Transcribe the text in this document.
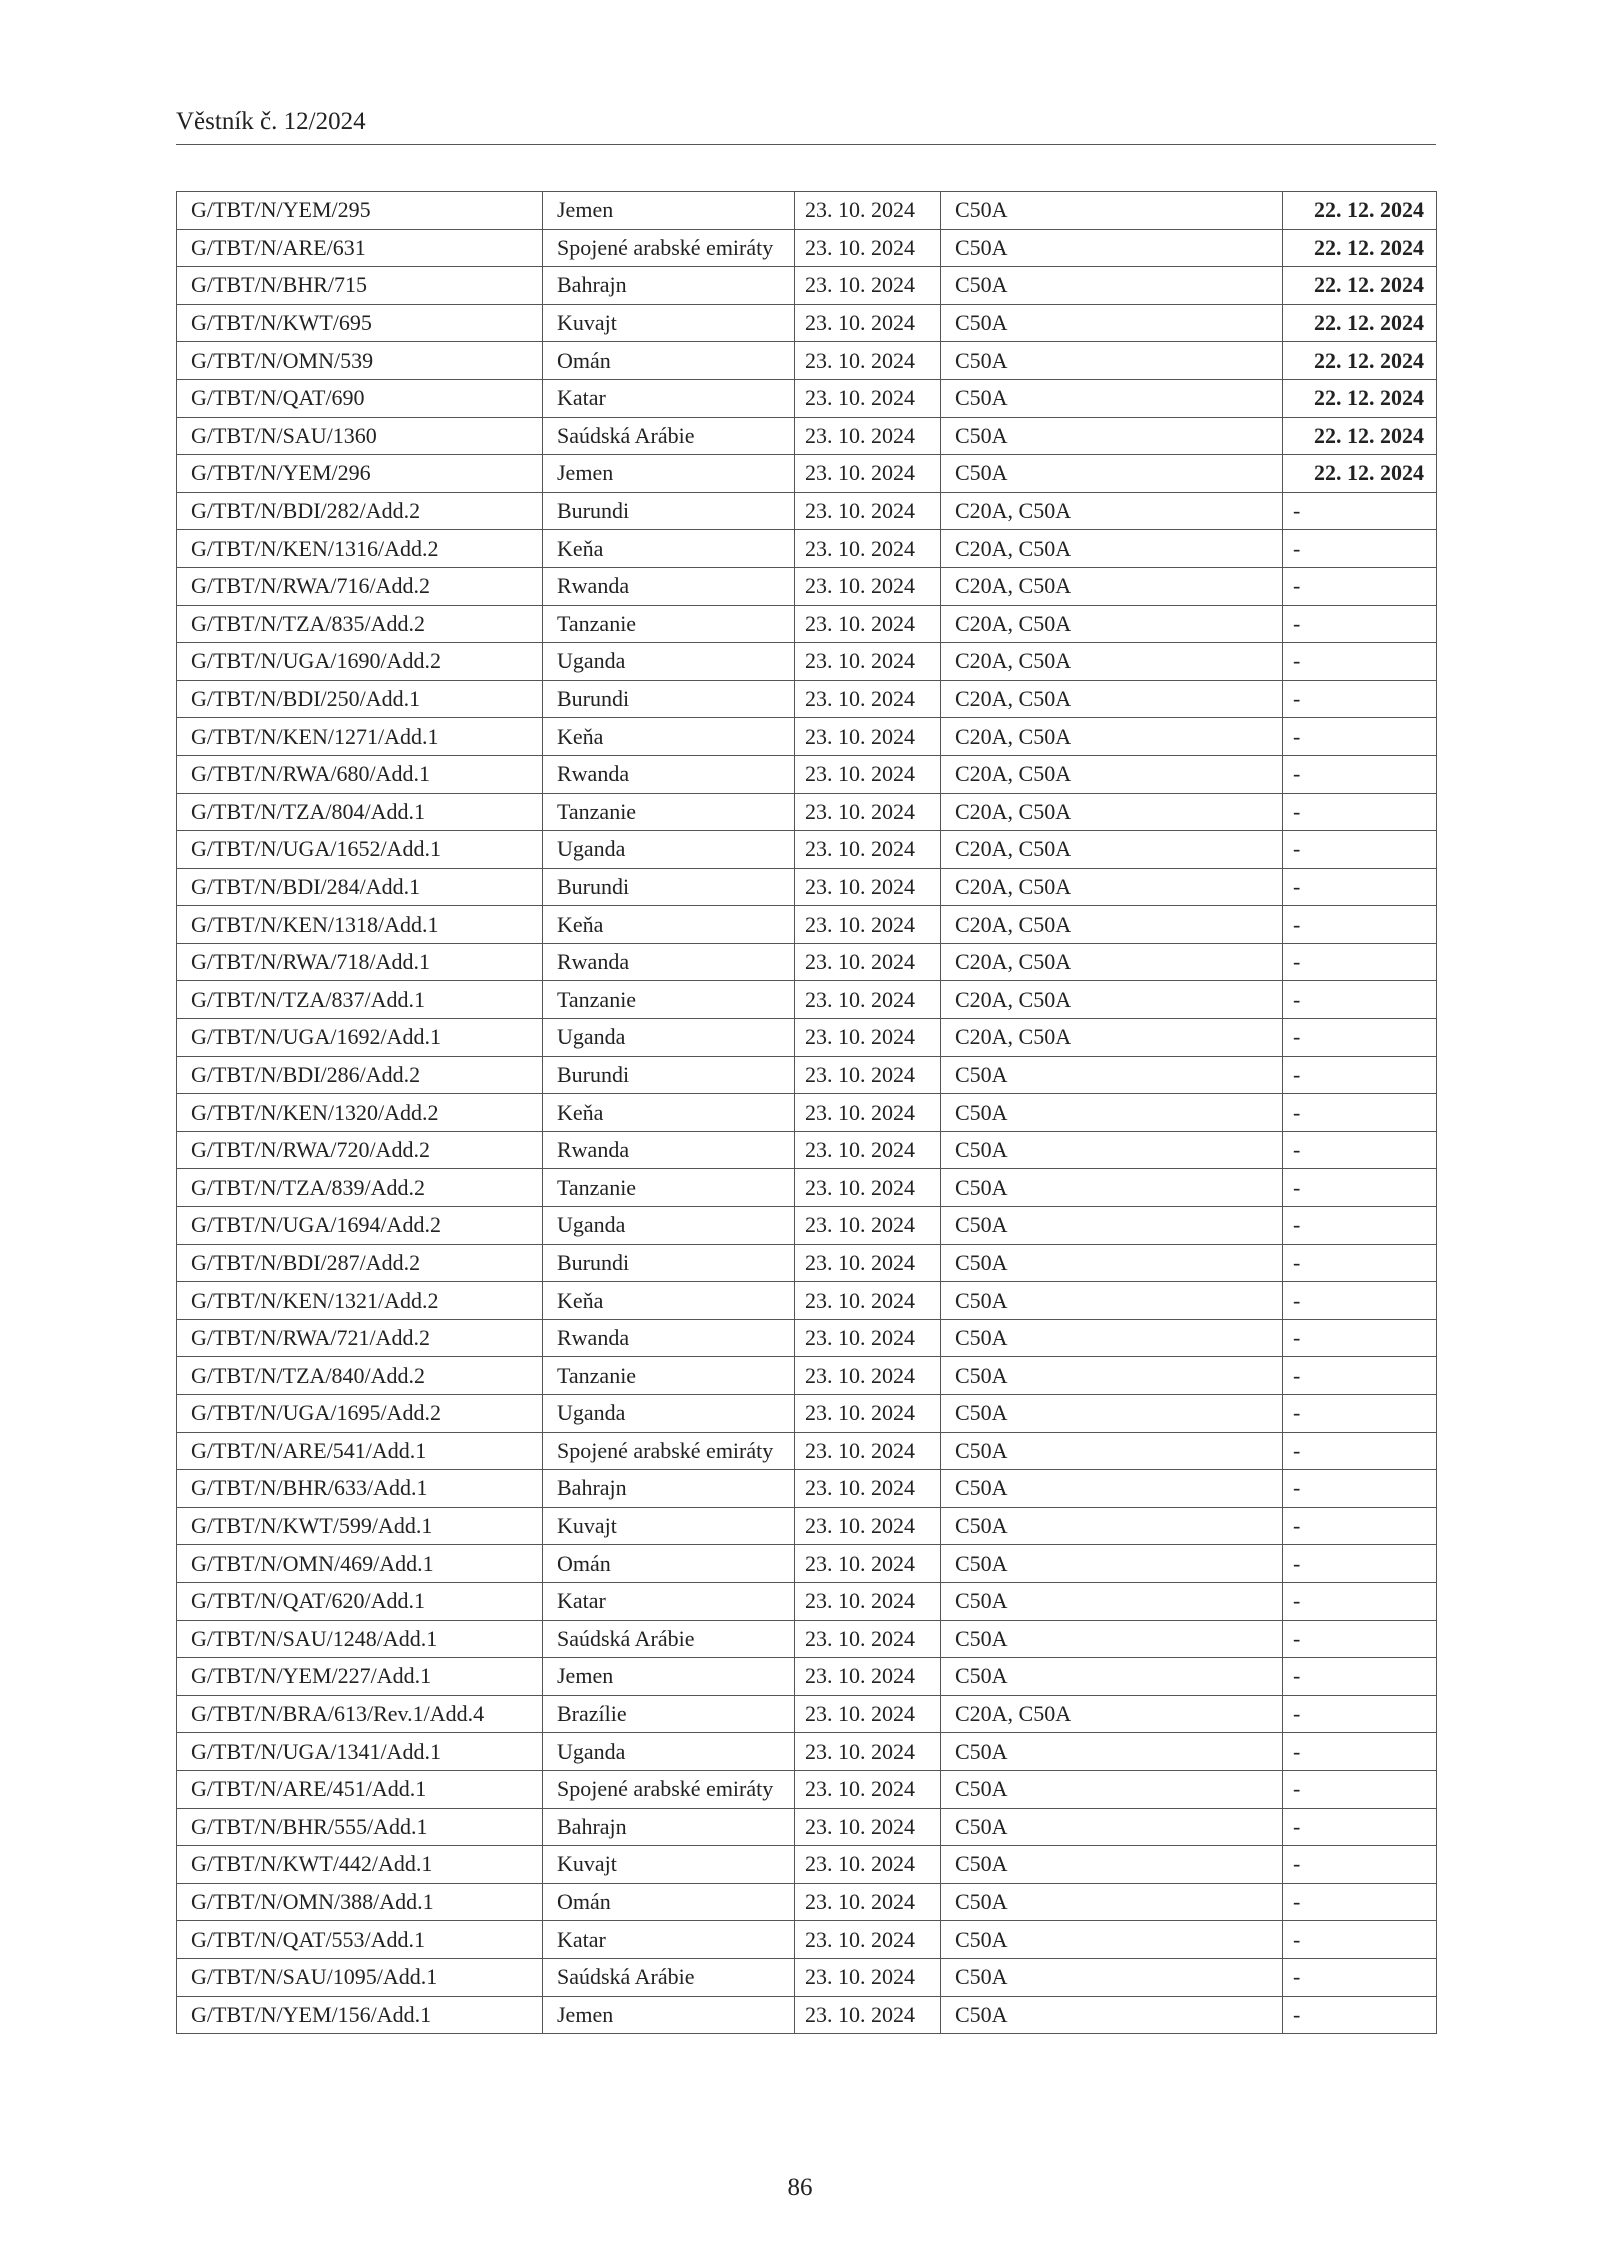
Věstník č. 12/2024
G/TBT/N/YEM/295	Jemen	23. 10. 2024	C50A	22. 12. 2024
G/TBT/N/ARE/631	Spojené arabské emiráty	23. 10. 2024	C50A	22. 12. 2024
G/TBT/N/BHR/715	Bahrajn	23. 10. 2024	C50A	22. 12. 2024
G/TBT/N/KWT/695	Kuvajt	23. 10. 2024	C50A	22. 12. 2024
G/TBT/N/OMN/539	Omán	23. 10. 2024	C50A	22. 12. 2024
G/TBT/N/QAT/690	Katar	23. 10. 2024	C50A	22. 12. 2024
G/TBT/N/SAU/1360	Saúdská Arábie	23. 10. 2024	C50A	22. 12. 2024
G/TBT/N/YEM/296	Jemen	23. 10. 2024	C50A	22. 12. 2024
G/TBT/N/BDI/282/Add.2	Burundi	23. 10. 2024	C20A, C50A	-
G/TBT/N/KEN/1316/Add.2	Keňa	23. 10. 2024	C20A, C50A	-
G/TBT/N/RWA/716/Add.2	Rwanda	23. 10. 2024	C20A, C50A	-
G/TBT/N/TZA/835/Add.2	Tanzanie	23. 10. 2024	C20A, C50A	-
G/TBT/N/UGA/1690/Add.2	Uganda	23. 10. 2024	C20A, C50A	-
G/TBT/N/BDI/250/Add.1	Burundi	23. 10. 2024	C20A, C50A	-
G/TBT/N/KEN/1271/Add.1	Keňa	23. 10. 2024	C20A, C50A	-
G/TBT/N/RWA/680/Add.1	Rwanda	23. 10. 2024	C20A, C50A	-
G/TBT/N/TZA/804/Add.1	Tanzanie	23. 10. 2024	C20A, C50A	-
G/TBT/N/UGA/1652/Add.1	Uganda	23. 10. 2024	C20A, C50A	-
G/TBT/N/BDI/284/Add.1	Burundi	23. 10. 2024	C20A, C50A	-
G/TBT/N/KEN/1318/Add.1	Keňa	23. 10. 2024	C20A, C50A	-
G/TBT/N/RWA/718/Add.1	Rwanda	23. 10. 2024	C20A, C50A	-
G/TBT/N/TZA/837/Add.1	Tanzanie	23. 10. 2024	C20A, C50A	-
G/TBT/N/UGA/1692/Add.1	Uganda	23. 10. 2024	C20A, C50A	-
G/TBT/N/BDI/286/Add.2	Burundi	23. 10. 2024	C50A	-
G/TBT/N/KEN/1320/Add.2	Keňa	23. 10. 2024	C50A	-
G/TBT/N/RWA/720/Add.2	Rwanda	23. 10. 2024	C50A	-
G/TBT/N/TZA/839/Add.2	Tanzanie	23. 10. 2024	C50A	-
G/TBT/N/UGA/1694/Add.2	Uganda	23. 10. 2024	C50A	-
G/TBT/N/BDI/287/Add.2	Burundi	23. 10. 2024	C50A	-
G/TBT/N/KEN/1321/Add.2	Keňa	23. 10. 2024	C50A	-
G/TBT/N/RWA/721/Add.2	Rwanda	23. 10. 2024	C50A	-
G/TBT/N/TZA/840/Add.2	Tanzanie	23. 10. 2024	C50A	-
G/TBT/N/UGA/1695/Add.2	Uganda	23. 10. 2024	C50A	-
G/TBT/N/ARE/541/Add.1	Spojené arabské emiráty	23. 10. 2024	C50A	-
G/TBT/N/BHR/633/Add.1	Bahrajn	23. 10. 2024	C50A	-
G/TBT/N/KWT/599/Add.1	Kuvajt	23. 10. 2024	C50A	-
G/TBT/N/OMN/469/Add.1	Omán	23. 10. 2024	C50A	-
G/TBT/N/QAT/620/Add.1	Katar	23. 10. 2024	C50A	-
G/TBT/N/SAU/1248/Add.1	Saúdská Arábie	23. 10. 2024	C50A	-
G/TBT/N/YEM/227/Add.1	Jemen	23. 10. 2024	C50A	-
G/TBT/N/BRA/613/Rev.1/Add.4	Brazílie	23. 10. 2024	C20A, C50A	-
G/TBT/N/UGA/1341/Add.1	Uganda	23. 10. 2024	C50A	-
G/TBT/N/ARE/451/Add.1	Spojené arabské emiráty	23. 10. 2024	C50A	-
G/TBT/N/BHR/555/Add.1	Bahrajn	23. 10. 2024	C50A	-
G/TBT/N/KWT/442/Add.1	Kuvajt	23. 10. 2024	C50A	-
G/TBT/N/OMN/388/Add.1	Omán	23. 10. 2024	C50A	-
G/TBT/N/QAT/553/Add.1	Katar	23. 10. 2024	C50A	-
G/TBT/N/SAU/1095/Add.1	Saúdská Arábie	23. 10. 2024	C50A	-
G/TBT/N/YEM/156/Add.1	Jemen	23. 10. 2024	C50A	-
86
